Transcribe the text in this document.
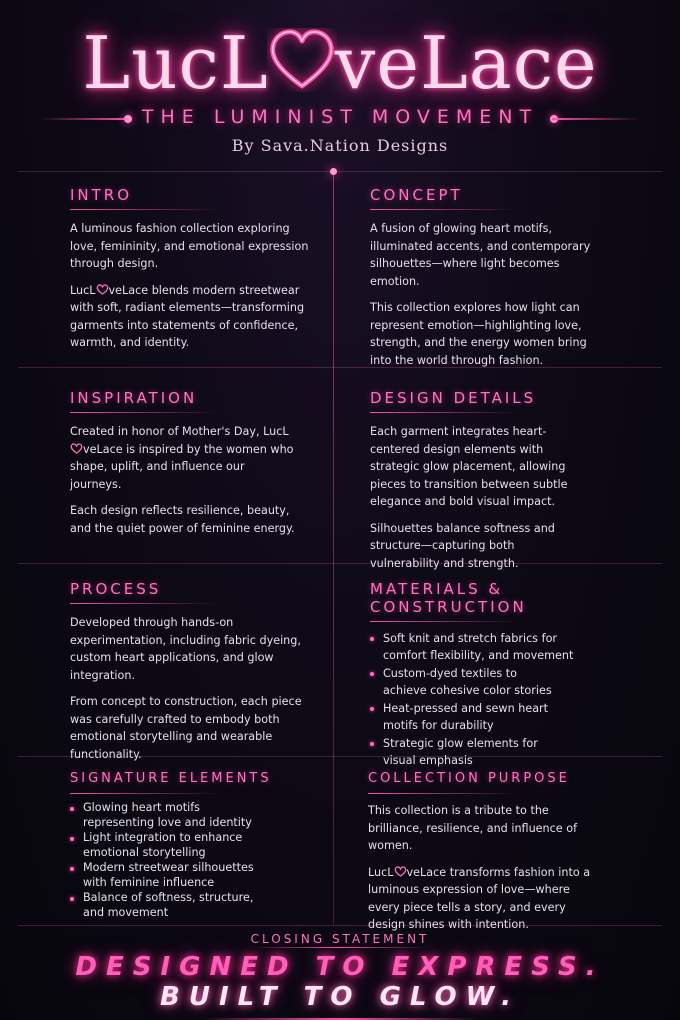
LucL veLace
THE LUMINIST MOVEMENT
By Sava.Nation Designs
INTRO

A luminous fashion collection exploring love, femininity, and emotional expression through design.

LucL veLace blends modern streetwear with soft, radiant elements—transforming garments into statements of confidence, warmth, and identity.

CONCEPT

A fusion of glowing heart motifs, illuminated accents, and contemporary silhouettes—where light becomes emotion.

This collection explores how light can represent emotion—highlighting love, strength, and the energy women bring into the world through fashion.

INSPIRATION

Created in honor of Mother's Day, LucLveLace is inspired by the women who shape, uplift, and influence our journeys.

Each design reflects resilience, beauty, and the quiet power of feminine energy.

DESIGN DETAILS

Each garment integrates heart-centered design elements with strategic glow placement, allowing pieces to transition between subtle elegance and bold visual impact.

Silhouettes balance softness and structure—capturing both vulnerability and strength.

PROCESS

Developed through hands-on experimentation, including fabric dyeing, custom heart applications, and glow integration.

From concept to construction, each piece was carefully crafted to embody both emotional storytelling and wearable functionality.

MATERIALS & CONSTRUCTION
Soft knit and stretch fabrics for comfort flexibility, and movement
Custom-dyed textiles to achieve cohesive color stories
Heat-pressed and sewn heart motifs for durability
Strategic glow elements for visual emphasis
SIGNATURE ELEMENTS
Glowing heart motifs representing love and identity
Light integration to enhance emotional storytelling
Modern streetwear silhouettes with feminine influence
Balance of softness, structure, and movement
COLLECTION PURPOSE

This collection is a tribute to the brilliance, resilience, and influence of women.

LucL veLace transforms fashion into a luminous expression of love—where every piece tells a story, and every design shines with intention.

CLOSING STATEMENT
DESIGNED TO EXPRESS.
BUILT TO GLOW.
